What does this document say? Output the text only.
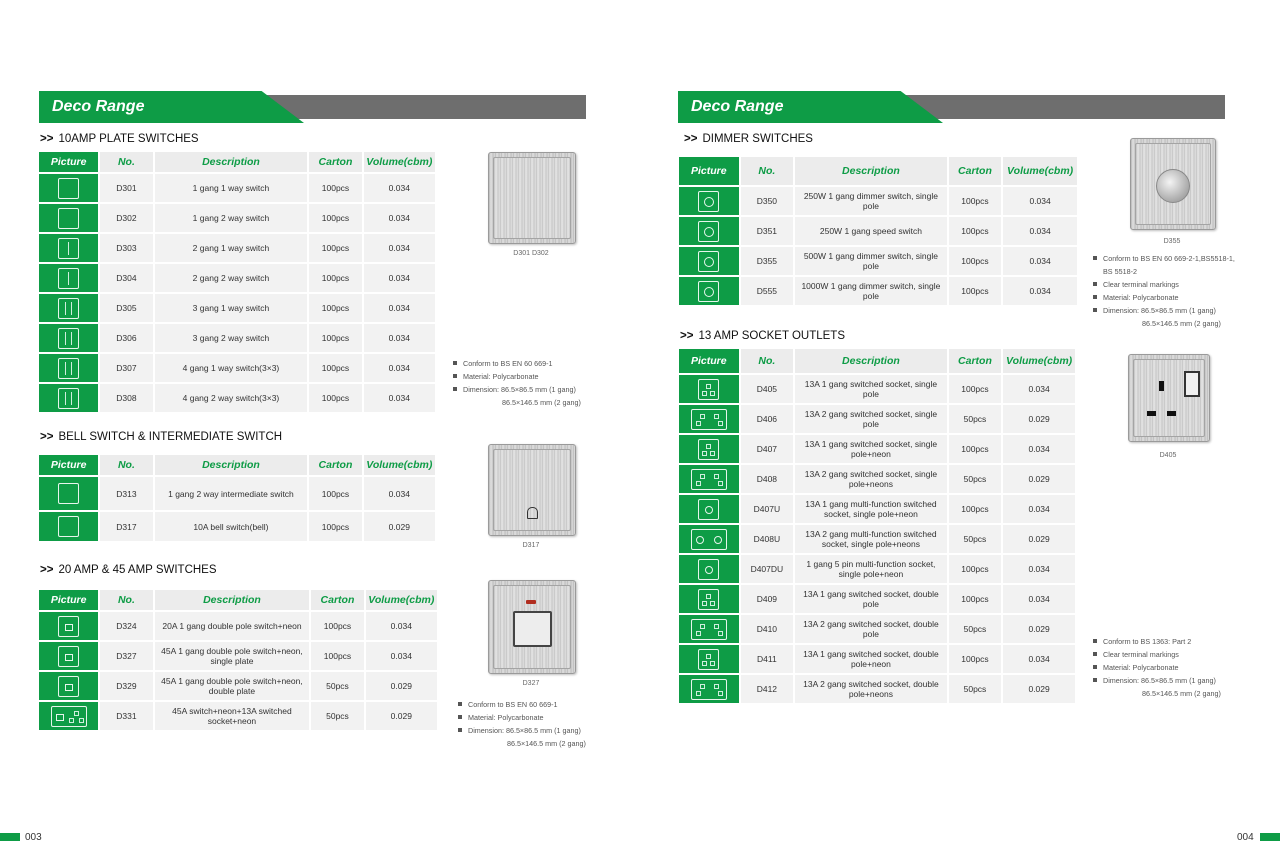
Deco Range
>> 10AMP PLATE SWITCHES
Picture	No.	Description	Carton	Volume(cbm)
	D301	1 gang 1 way switch	100pcs	0.034
	D302	1 gang 2 way switch	100pcs	0.034

	D303	2 gang 1 way switch	100pcs	0.034

	D304	2 gang 2 way switch	100pcs	0.034

	D305	3 gang 1 way switch	100pcs	0.034

	D306	3 gang 2 way switch	100pcs	0.034

	D307	4 gang 1 way switch(3×3)	100pcs	0.034

	D308	4 gang 2 way switch(3×3)	100pcs	0.034
D301 D302
Conform to BS EN 60 669-1
Material: Polycarbonate
Dimension: 86.5×86.5 mm (1 gang)
86.5×146.5 mm (2 gang)
>> BELL SWITCH & INTERMEDIATE SWITCH
Picture	No.	Description	Carton	Volume(cbm)
	D313	1 gang 2 way intermediate switch	100pcs	0.034
	D317	10A bell switch(bell)	100pcs	0.029
D317
>> 20 AMP & 45 AMP SWITCHES
Picture	No.	Description	Carton	Volume(cbm)

	D324	20A 1 gang double pole switch+neon	100pcs	0.034

	D327	45A 1 gang double pole switch+neon, single plate	100pcs	0.034

	D329	45A 1 gang double pole switch+neon, double plate	50pcs	0.029

	D331	45A switch+neon+13A switched socket+neon	50pcs	0.029
D327
Conform to BS EN 60 669-1
Material: Polycarbonate
Dimension: 86.5×86.5 mm (1 gang)
86.5×146.5 mm (2 gang)
003
Deco Range
>> DIMMER SWITCHES
Picture	No.	Description	Carton	Volume(cbm)

	D350	250W 1 gang dimmer switch, single pole	100pcs	0.034

	D351	250W 1 gang speed switch	100pcs	0.034

	D355	500W 1 gang dimmer switch, single pole	100pcs	0.034

	D555	1000W 1 gang dimmer switch, single pole	100pcs	0.034
D355
Conform to BS EN 60 669-2-1,BS5518-1,
BS 5518-2
Clear terminal markings
Material: Polycarbonate
Dimension: 86.5×86.5 mm (1 gang)
86.5×146.5 mm (2 gang)
>> 13 AMP SOCKET OUTLETS
Picture	No.	Description	Carton	Volume(cbm)

	D405	13A 1 gang switched socket, single pole	100pcs	0.034

	D406	13A 2 gang switched socket, single pole	50pcs	0.029

	D407	13A 1 gang switched socket, single pole+neon	100pcs	0.034

	D408	13A 2 gang switched socket, single pole+neons	50pcs	0.029

	D407U	13A 1 gang multi-function switched socket, single pole+neon	100pcs	0.034

	D408U	13A 2 gang multi-function switched socket, single pole+neons	50pcs	0.029

	D407DU	1 gang 5 pin multi-function socket, single pole+neon	100pcs	0.034

	D409	13A 1 gang switched socket, double pole	100pcs	0.034

	D410	13A 2 gang switched socket, double pole	50pcs	0.029

	D411	13A 1 gang switched socket, double pole+neon	100pcs	0.034

	D412	13A 2 gang switched socket, double pole+neons	50pcs	0.029
D405
Conform to BS 1363: Part 2
Clear terminal markings
Material: Polycarbonate
Dimension: 86.5×86.5 mm (1 gang)
86.5×146.5 mm (2 gang)
004
